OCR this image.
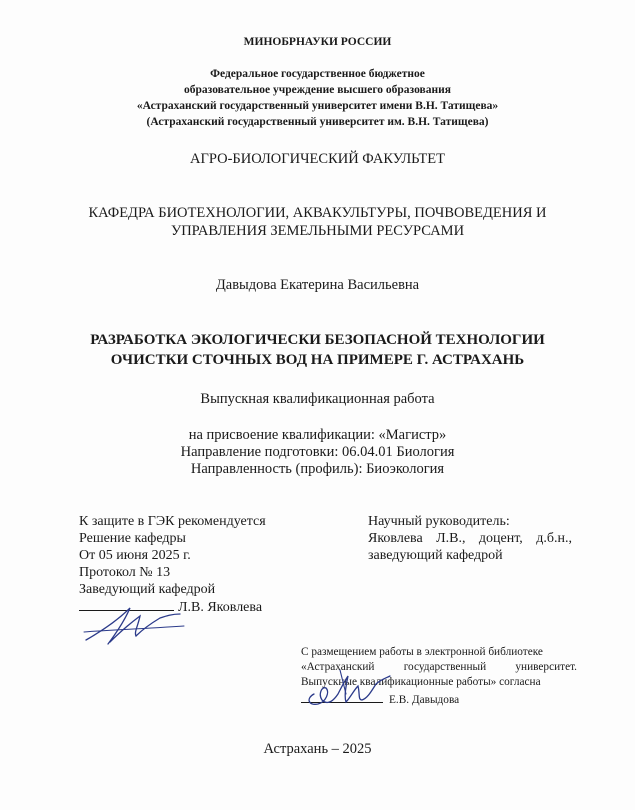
МИНОБРНАУКИ РОССИИ
Федеральное государственное бюджетное
образовательное учреждение высшего образования
«Астраханский государственный университет имени В.Н. Татищева»
(Астраханский государственный университет им. В.Н. Татищева)
АГРО-БИОЛОГИЧЕСКИЙ ФАКУЛЬТЕТ
КАФЕДРА БИОТЕХНОЛОГИИ, АКВАКУЛЬТУРЫ, ПОЧВОВЕДЕНИЯ И
УПРАВЛЕНИЯ ЗЕМЕЛЬНЫМИ РЕСУРСАМИ
Давыдова Екатерина Васильевна
РАЗРАБОТКА ЭКОЛОГИЧЕСКИ БЕЗОПАСНОЙ ТЕХНОЛОГИИ
ОЧИСТКИ СТОЧНЫХ ВОД НА ПРИМЕРЕ Г. АСТРАХАНЬ
Выпускная квалификационная работа
на присвоение квалификации: «Магистр»
Направление подготовки: 06.04.01 Биология
Направленность (профиль): Биоэкология
К защите в ГЭК рекомендуется
Решение кафедры
От 05 июня 2025 г.
Протокол № 13
Заведующий кафедрой
Л.В. Яковлева
Научный руководитель:
Яковлева Л.В., доцент, д.б.н.,
заведующий кафедрой
С размещением работы в электронной библиотеке
«Астраханский	государственный	университет.
Выпускные квалификационные работы» согласна
Е.В. Давыдова
Астрахань – 2025
